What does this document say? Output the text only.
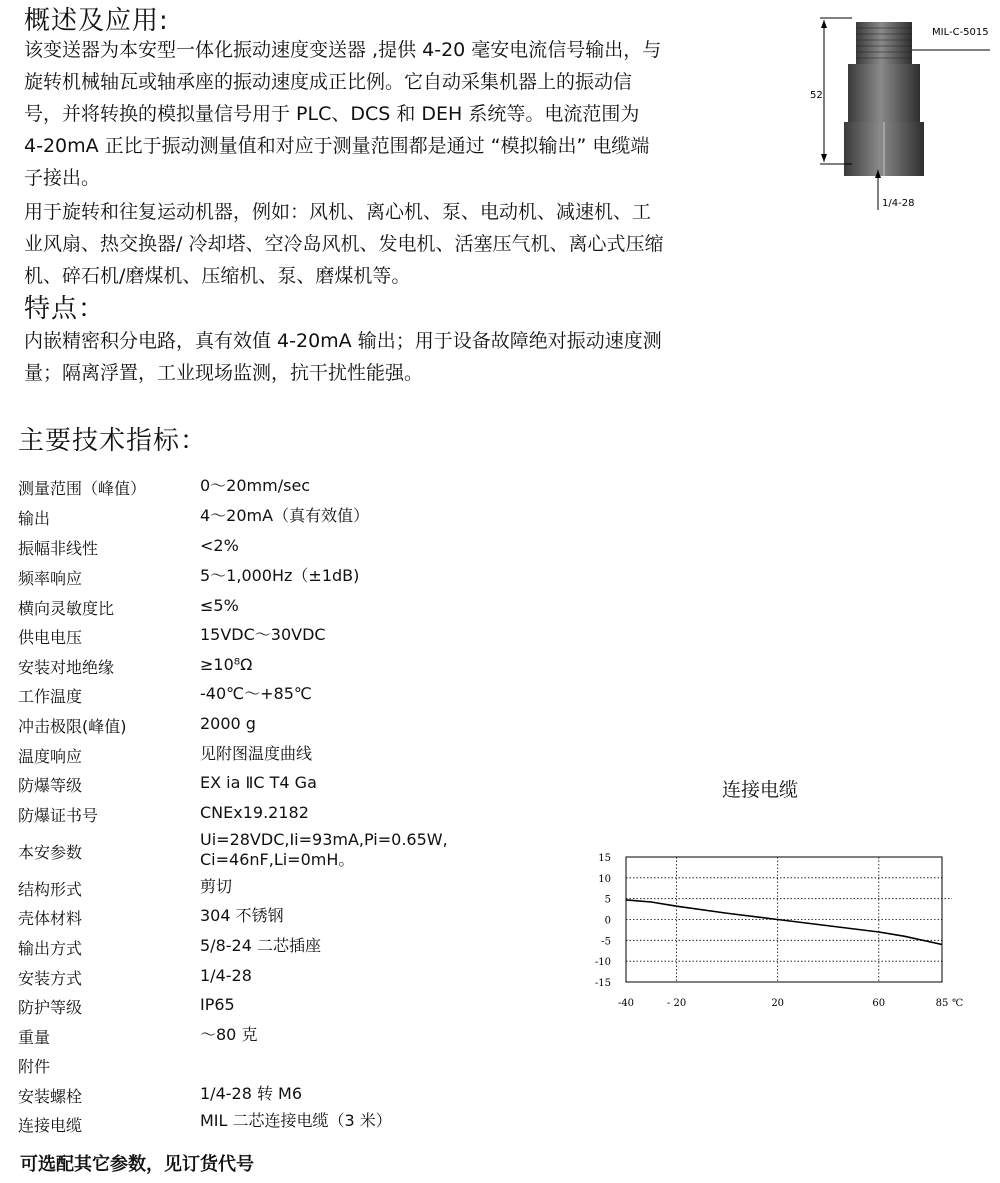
概述及应用:

该变送器为本安型一体化振动速度变送器 ,提供 4-20 毫安电流信号输出，与旋转机械轴瓦或轴承座的振动速度成正比例。它自动采集机器上的振动信号，并将转换的模拟量信号用于 PLC、DCS 和 DEH 系统等。电流范围为 4-20mA 正比于振动测量值和对应于测量范围都是通过 “模拟输出” 电缆端子接出。

用于旋转和往复运动机器，例如：风机、离心机、泵、电动机、减速机、工业风扇、热交换器/ 冷却塔、空冷岛风机、发电机、活塞压气机、离心式压缩机、碎石机/磨煤机、压缩机、泵、磨煤机等。

特点：

内嵌精密积分电路，真有效值 4-20mA 输出；用于设备故障绝对振动速度测量；隔离浮置，工业现场监测，抗干扰性能强。

主要技术指标：
测量范围（峰值）	0～20mm/sec
输出	4～20mA（真有效值）
振幅非线性	<2%
频率响应	5～1,000Hz（±1dB)
横向灵敏度比	≤5%
供电电压	15VDC～30VDC
安装对地绝缘	≥10⁸Ω
工作温度	-40℃～+85℃
冲击极限(峰值)	2000 g
温度响应	见附图温度曲线
防爆等级	EX ia ⅡC T4 Ga
防爆证书号	CNEx19.2182
本安参数
Ui=28VDC,Ii=93mA,Pi=0.65W,
Ci=46nF,Li=0mH。
结构形式	剪切
壳体材料	304 不锈钢
输出方式	5/8-24 二芯插座
安装方式	1/4-28
防护等级	IP65
重量	～80 克
附件
安装螺栓	1/4-28 转 M6
连接电缆	MIL 二芯连接电缆（3 米）
可选配其它参数，见订货代号
52
MIL-C-5015
1/4-28
连接电缆
15
10
5
0
-5
-10
-15
-40	- 20	20	60	85 ℃
